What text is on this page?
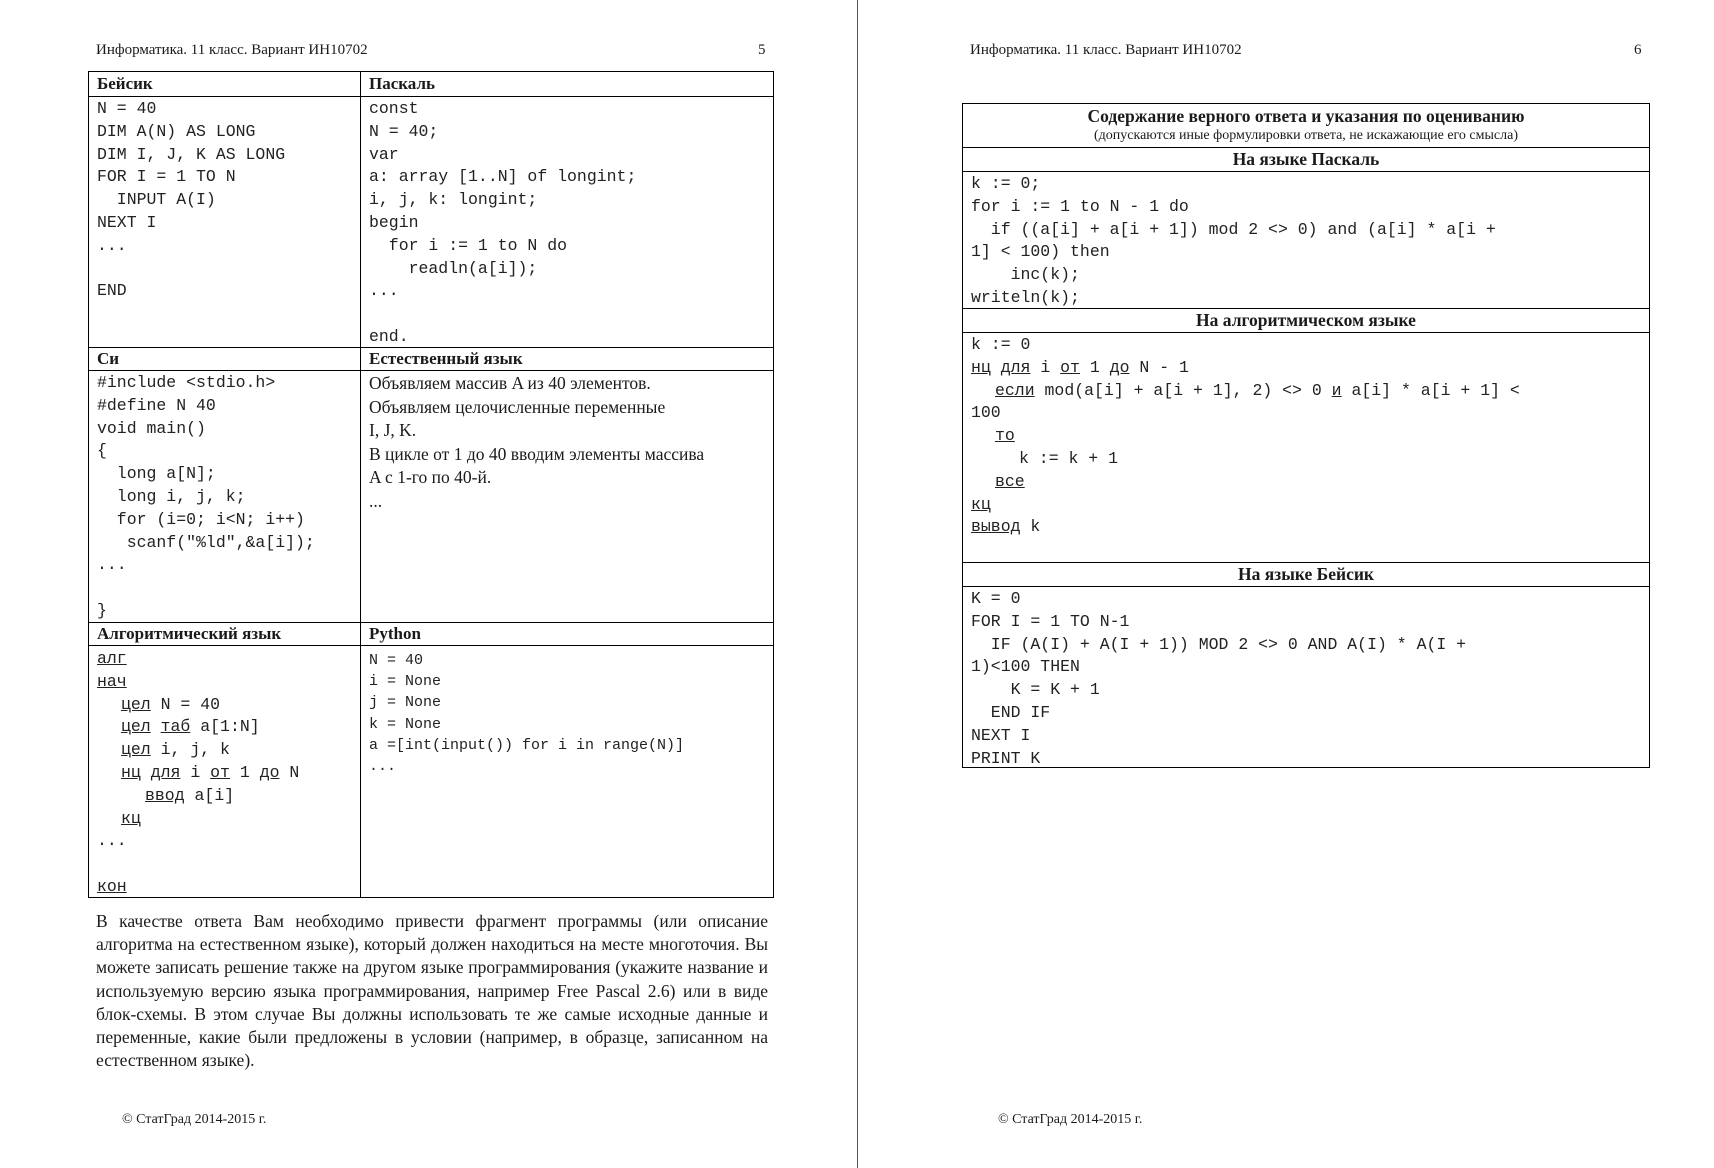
Информатика. 11 класс. Вариант ИН10702	5
Бейсик
N = 40
DIM A(N) AS LONG
DIM I, J, K AS LONG
FOR I = 1 TO N
INPUT A(I)
NEXT I
...

END
Паскаль
const
N = 40;
var
a: array [1..N] of longint;
i, j, k: longint;
begin
for i := 1 to N do
readln(a[i]);
...

end.
Си
#include <stdio.h>
#define N 40
void main()
{
long a[N];
long i, j, k;
for (i=0; i<N; i++)
scanf("%ld",&a[i]);
...

}
Естественный язык
Объявляем массив A из 40 элементов.
Объявляем целочисленные переменные
I, J, K.
В цикле от 1 до 40 вводим элементы массива
A с 1-го по 40-й.
...
Алгоритмический язык
алг
нач
цел N = 40
цел таб a[1:N]
цел i, j, k
нц для i от 1 до N
ввод a[i]
кц
...

кон
Python
N = 40
i = None
j = None
k = None
a =[int(input()) for i in range(N)]
...
В качестве ответа Вам необходимо привести фрагмент программы (или описание алгоритма на естественном языке), который должен находиться на месте многоточия. Вы можете записать решение также на другом языке программирования (укажите название и используемую версию языка программирования, например Free Pascal 2.6) или в виде блок-схемы. В этом случае Вы должны использовать те же самые исходные данные и переменные, какие были предложены в условии (например, в образце, записанном на естественном языке).
© СтатГрад 2014-2015 г.
Информатика. 11 класс. Вариант ИН10702	6
Содержание верного ответа и указания по оцениванию
(допускаются иные формулировки ответа, не искажающие его смысла)
На языке Паскаль
k := 0;
for i := 1 to N - 1 do
if ((a[i] + a[i + 1]) mod 2 <> 0) and (a[i] * a[i +
1] < 100) then
inc(k);
writeln(k);
На алгоритмическом языке
k := 0
нц для i от 1 до N - 1
если mod(a[i] + a[i + 1], 2) <> 0 и a[i] * a[i + 1] <
100
то
k := k + 1
все
кц
вывод k
На языке Бейсик
K = 0
FOR I = 1 TO N-1
IF (A(I) + A(I + 1)) MOD 2 <> 0 AND A(I) * A(I +
1)<100 THEN
K = K + 1
END IF
NEXT I
PRINT K
© СтатГрад 2014-2015 г.
